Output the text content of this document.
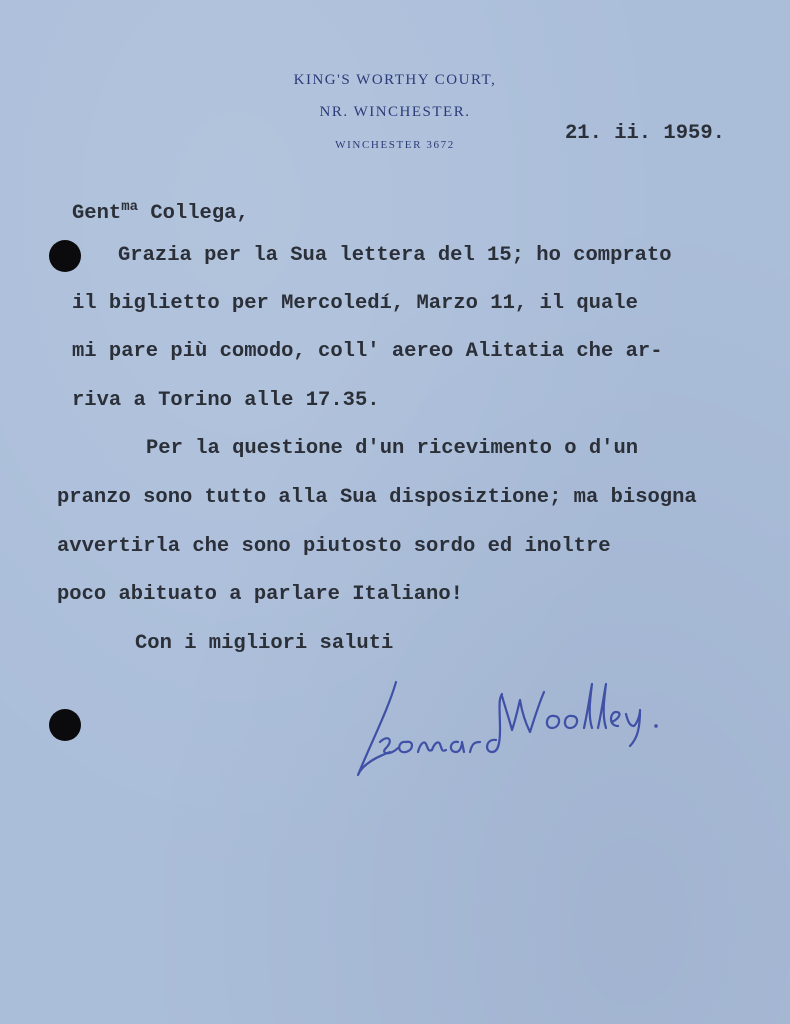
KING'S WORTHY COURT,
NR. WINCHESTER.
WINCHESTER 3672	21. ii. 1959.
Gent$^{ma}$ Collega,
Grazia per la Sua lettera del 15; ho comprato
il biglietto per Mercoledí, Marzo 11, il quale
mi pare più comodo, coll' aereo Alitatia che ar-
riva a Torino alle 17.35.
Per la questione d'un ricevimento o d'un
pranzo sono tutto alla Sua disposiztione; ma bisogna
avvertirla che sono piutosto sordo ed inoltre
poco abituato a parlare Italiano!
Con i migliori saluti
